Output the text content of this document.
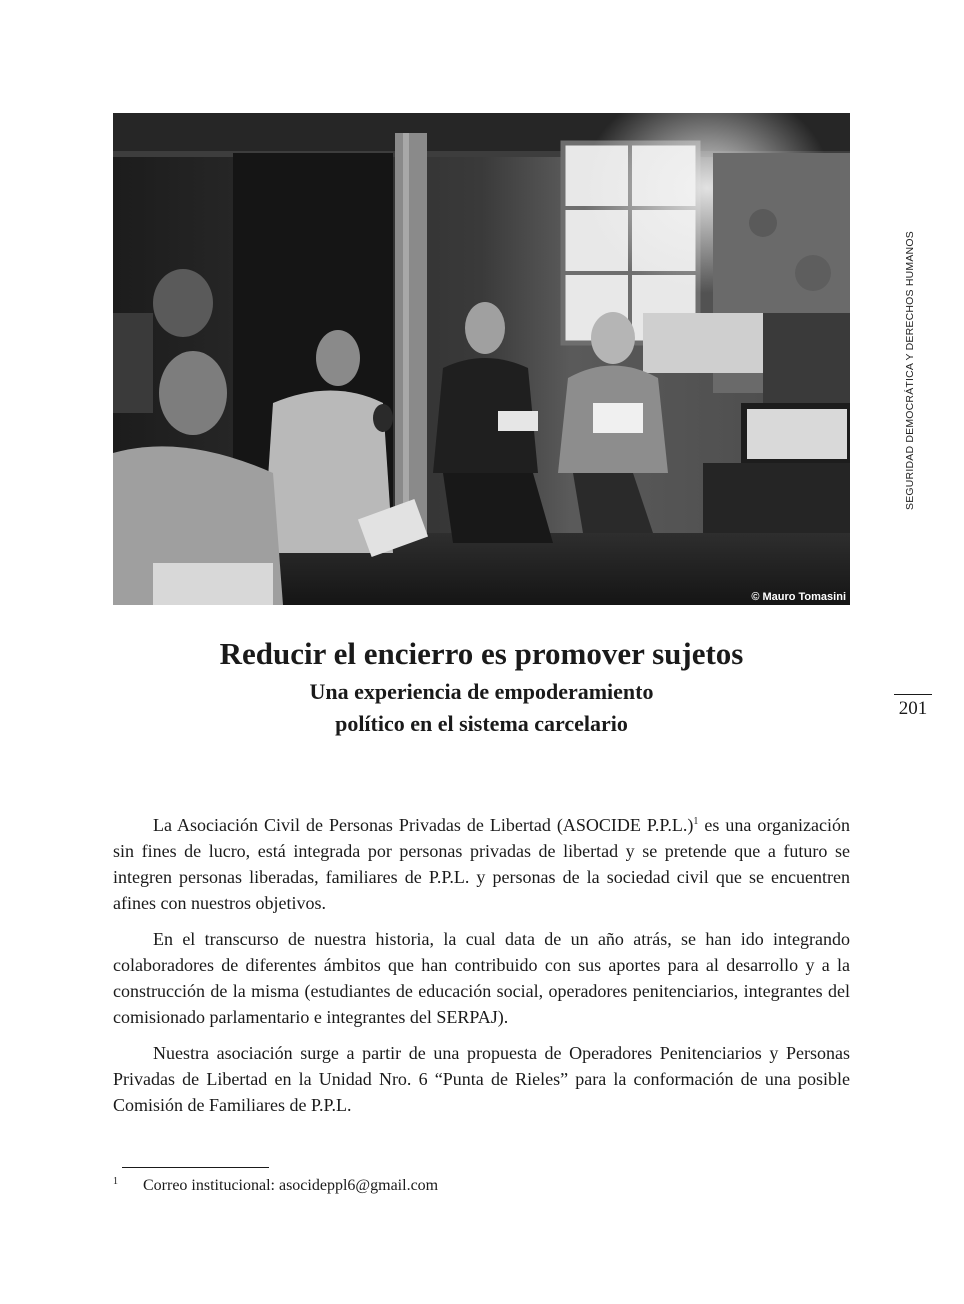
© Mauro Tomasini
SEGURIDAD DEMOCRÁTICA Y DERECHOS HUMANOS
201
Reducir el encierro es promover sujetos
Una experiencia de empoderamiento
político en el sistema carcelario

La Asociación Civil de Personas Privadas de Libertad (ASOCIDE P.P.L.)$^1$ es una organización sin fines de lucro, está integrada por personas privadas de libertad y se pretende que a futuro se integren personas liberadas, familiares de P.P.L. y personas de la sociedad civil que se encuentren afines con nuestros objetivos.

En el transcurso de nuestra historia, la cual data de un año atrás, se han ido integrando colaboradores de diferentes ámbitos que han contribuido con sus aportes para al desarrollo y a la construcción de la misma (estudiantes de educación social, operadores penitenciarios, integrantes del comisionado parlamentario e integrantes del SERPAJ).

Nuestra asociación surge a partir de una propuesta de Operadores Penitenciarios y Personas Privadas de Libertad en la Unidad Nro. 6 “Punta de Rieles” para la conformación de una posible Comisión de Familiares de P.P.L.

1 Correo institucional: asocideppl6@gmail.com
